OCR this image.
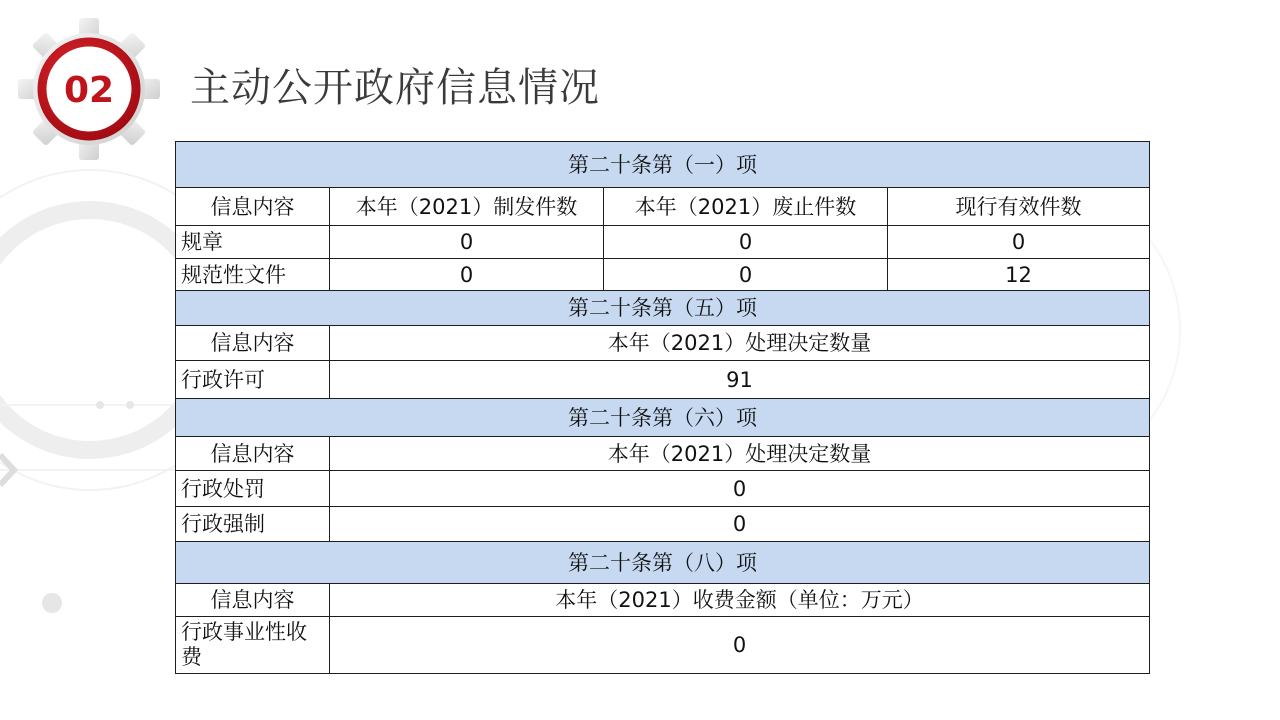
02 主动公开政府信息情况
第二十条第（一）项			
信息内容	本年（2021）制发件数	本年（2021）废止件数	现行有效件数
规章	0	0	0
规范性文件	0	0	12
第二十条第（五）项			
信息内容	本年（2021）处理决定数量		
行政许可	91		
第二十条第（六）项			
信息内容	本年（2021）处理决定数量		
行政处罚	0		
行政强制	0		
第二十条第（八）项			
信息内容	本年（2021）收费金额（单位：万元）		
行政事业性收费	0		
